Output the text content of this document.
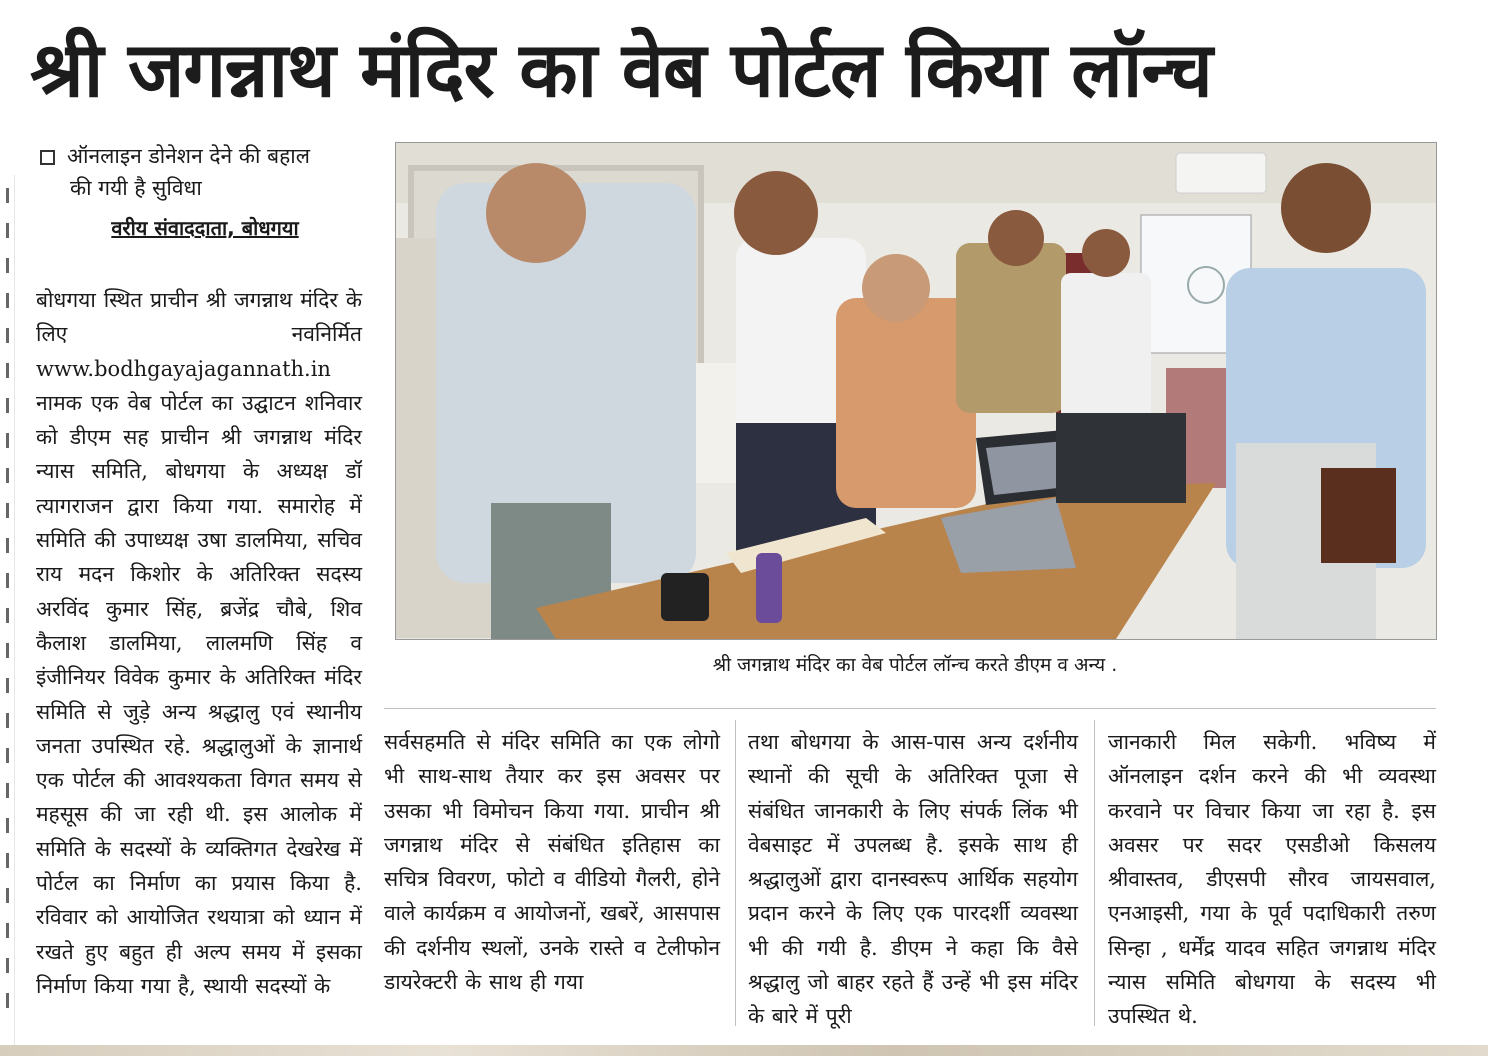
श्री जगन्नाथ मंदिर का वेब पोर्टल किया लॉन्च
ऑनलाइन डोनेशन देने की बहाल
की गयी है सुविधा
वरीय संवाददाता, बोधगया
बोधगया स्थित प्राचीन श्री जगन्नाथ मंदिर के लिए नवनिर्मित www.bodhgayajagannath.in नामक एक वेब पोर्टल का उद्घाटन शनिवार को डीएम सह प्राचीन श्री जगन्नाथ मंदिर न्यास समिति, बोधगया के अध्यक्ष डॉ त्यागराजन द्वारा किया गया. समारोह में समिति की उपाध्यक्ष उषा डालमिया, सचिव राय मदन किशोर के अतिरिक्त सदस्य अरविंद कुमार सिंह, ब्रजेंद्र चौबे, शिव कैलाश डालमिया, लालमणि सिंह व इंजीनियर विवेक कुमार के अतिरिक्त मंदिर समिति से जुड़े अन्य श्रद्धालु एवं स्थानीय जनता उपस्थित रहे. श्रद्धालुओं के ज्ञानार्थ एक पोर्टल की आवश्यकता विगत समय से महसूस की जा रही थी. इस आलोक में समिति के सदस्यों के व्यक्तिगत देखरेख में पोर्टल का निर्माण का प्रयास किया है. रविवार को आयोजित रथयात्रा को ध्यान में रखते हुए बहुत ही अल्प समय में इसका निर्माण किया गया है, स्थायी सदस्यों के
श्री जगन्नाथ मंदिर का वेब पोर्टल लॉन्च करते डीएम व अन्य .
सर्वसहमति से मंदिर समिति का एक लोगो भी साथ-साथ तैयार कर इस अवसर पर उसका भी विमोचन किया गया. प्राचीन श्री जगन्नाथ मंदिर से संबंधित इतिहास का सचित्र विवरण, फोटो व वीडियो गैलरी, होने वाले कार्यक्रम व आयोजनों, खबरें, आसपास की दर्शनीय स्थलों, उनके रास्ते व टेलीफोन डायरेक्टरी के साथ ही गया
तथा बोधगया के आस-पास अन्य दर्शनीय स्थानों की सूची के अतिरिक्त पूजा से संबंधित जानकारी के लिए संपर्क लिंक भी वेबसाइट में उपलब्ध है. इसके साथ ही श्रद्धालुओं द्वारा दानस्वरूप आर्थिक सहयोग प्रदान करने के लिए एक पारदर्शी व्यवस्था भी की गयी है. डीएम ने कहा कि वैसे श्रद्धालु जो बाहर रहते हैं उन्हें भी इस मंदिर के बारे में पूरी
जानकारी मिल सकेगी. भविष्य में ऑनलाइन दर्शन करने की भी व्यवस्था करवाने पर विचार किया जा रहा है. इस अवसर पर सदर एसडीओ किसलय श्रीवास्तव, डीएसपी सौरव जायसवाल, एनआइसी, गया के पूर्व पदाधिकारी तरुण सिन्हा , धर्मेंद्र यादव सहित जगन्नाथ मंदिर न्यास समिति बोधगया के सदस्य भी उपस्थित थे.
